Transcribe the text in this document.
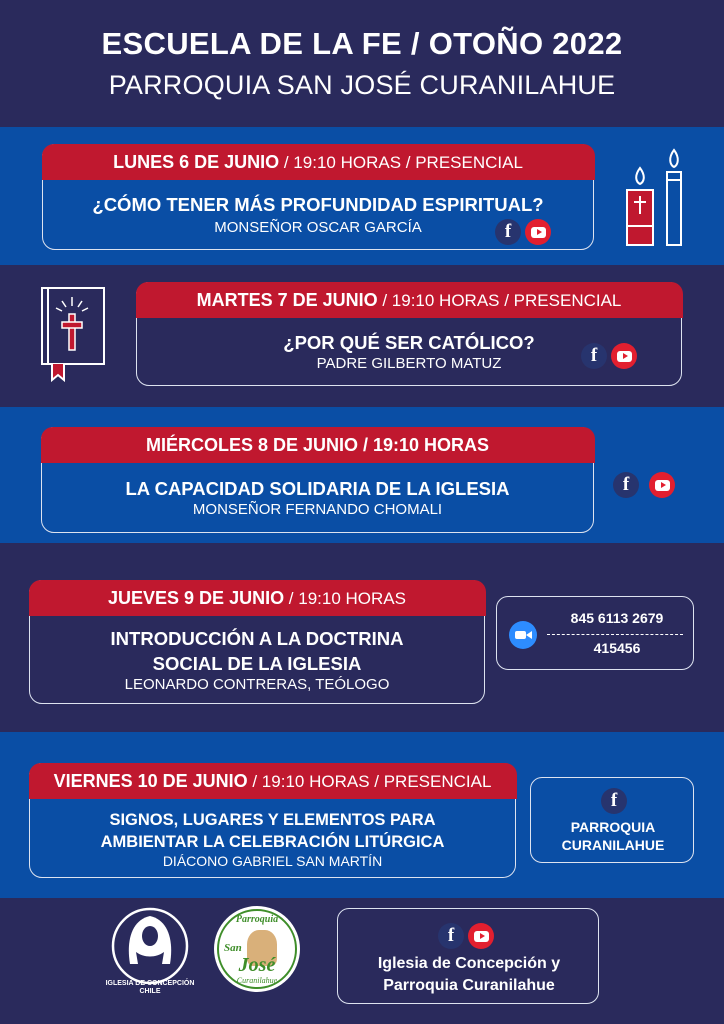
ESCUELA DE LA FE / OTOÑO 2022
PARROQUIA SAN JOSÉ CURANILAHUE
LUNES 6 DE JUNIO / 19:10 HORAS / PRESENCIAL
¿CÓMO TENER MÁS PROFUNDIDAD ESPIRITUAL?
MONSEÑOR OSCAR GARCÍA	f
MARTES 7 DE JUNIO / 19:10 HORAS / PRESENCIAL
¿POR QUÉ SER CATÓLICO?
PADRE GILBERTO MATUZ	f
MIÉRCOLES 8 DE JUNIO / 19:10 HORAS
LA CAPACIDAD SOLIDARIA DE LA IGLESIA
MONSEÑOR FERNANDO CHOMALI
f
JUEVES 9 DE JUNIO / 19:10 HORAS
INTRODUCCIÓN A LA DOCTRINA
SOCIAL DE LA IGLESIA
LEONARDO CONTRERAS, TEÓLOGO
845 6113 2679
415456
VIERNES 10 DE JUNIO / 19:10 HORAS / PRESENCIAL
SIGNOS, LUGARES Y ELEMENTOS PARA
AMBIENTAR LA CELEBRACIÓN LITÚRGICA
DIÁCONO GABRIEL SAN MARTÍN
f
PARROQUIA
CURANILAHUE
IGLESIA DE CONCEPCIÓN
CHILE
Parroquia
San
José
Curanilahue
f
Iglesia de Concepción y
Parroquia Curanilahue
